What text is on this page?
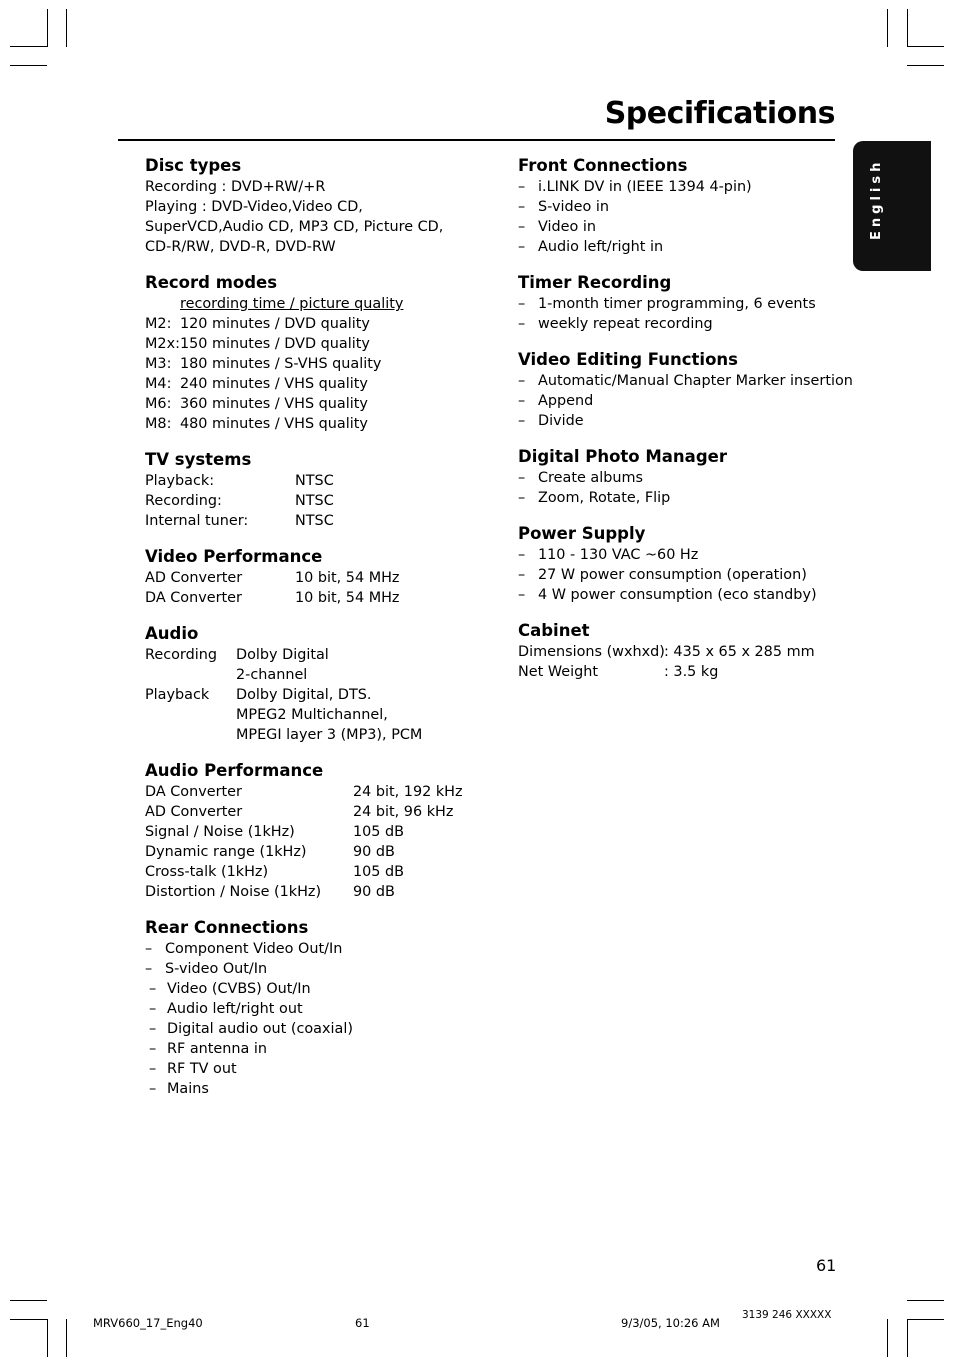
Specifications
English
Disc types
Recording : DVD+RW/+R
Playing : DVD-Video,Video CD,
SuperVCD,Audio CD, MP3 CD, Picture CD,
CD-R/RW, DVD-R, DVD-RW
Record modes
recording time / picture quality
M2: 120 minutes / DVD quality
M2x: 150 minutes / DVD quality
M3: 180 minutes / S-VHS quality
M4: 240 minutes / VHS quality
M6: 360 minutes / VHS quality
M8: 480 minutes / VHS quality
TV systems
Playback:	NTSC
Recording:	NTSC
Internal tuner:	NTSC
Video Performance
AD Converter	10 bit, 54 MHz
DA Converter	10 bit, 54 MHz
Audio
Recording	Dolby Digital
2-channel
Playback	Dolby Digital, DTS.
MPEG2 Multichannel,
MPEGI layer 3 (MP3), PCM
Audio Performance
DA Converter	24 bit, 192 kHz
AD Converter	24 bit, 96 kHz
Signal / Noise (1kHz)	105 dB
Dynamic range (1kHz)	90 dB
Cross-talk (1kHz)	105 dB
Distortion / Noise (1kHz)	90 dB
Rear Connections
– Component Video Out/In
– S-video Out/In
– Video (CVBS) Out/In
– Audio left/right out
– Digital audio out (coaxial)
– RF antenna in
– RF TV out
– Mains
Front Connections
– i.LINK DV in (IEEE 1394 4-pin)
– S-video in
– Video in
– Audio left/right in
Timer Recording
– 1-month timer programming, 6 events
– weekly repeat recording
Video Editing Functions
– Automatic/Manual Chapter Marker insertion
– Append
– Divide
Digital Photo Manager
– Create albums
– Zoom, Rotate, Flip
Power Supply
– 110 - 130 VAC ~60 Hz
– 27 W power consumption (operation)
– 4 W power consumption (eco standby)
Cabinet
Dimensions (wxhxd) : 435 x 65 x 285 mm
Net Weight	: 3.5 kg
61
MRV660_17_Eng40	61	9/3/05, 10:26 AM
3139 246 XXXXX
